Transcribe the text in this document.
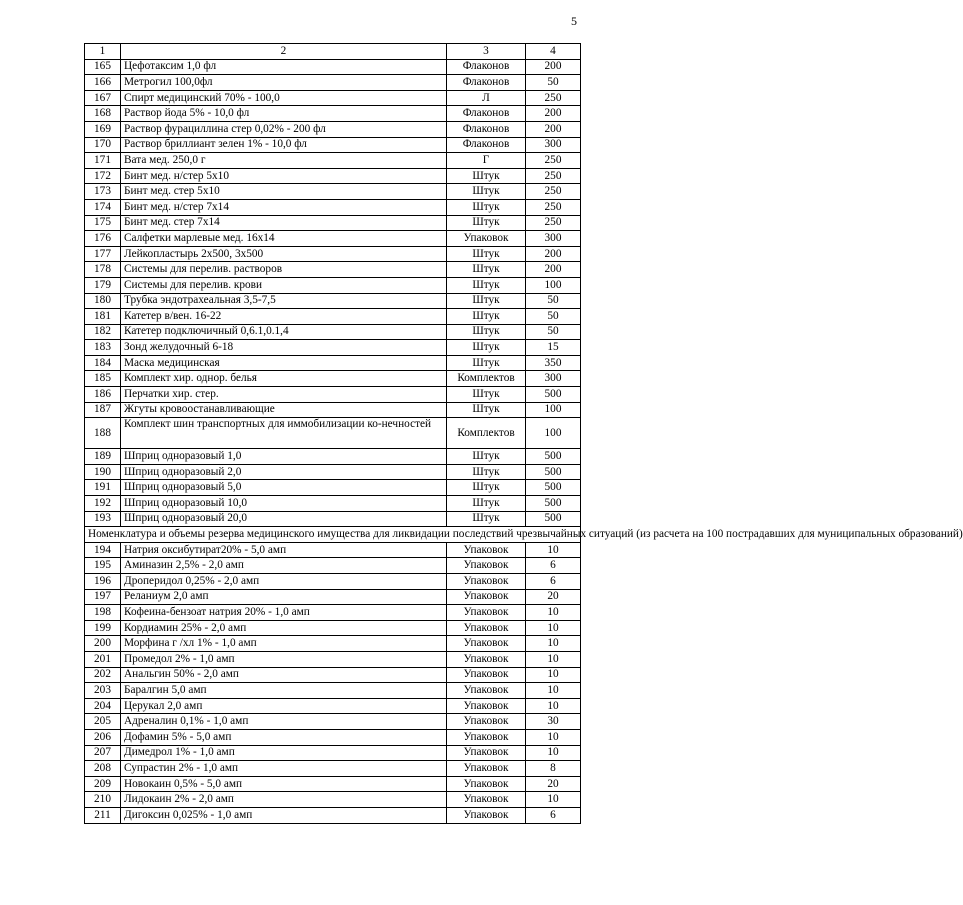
5
1	2	3	4
165	Цефотаксим 1,0 фл	Флаконов	200
166	Метрогил 100,0фл	Флаконов	50
167	Спирт медицинский 70% - 100,0	Л	250
168	Раствор йода 5% - 10,0 фл	Флаконов	200
169	Раствор фурациллина стер 0,02% - 200 фл	Флаконов	200
170	Раствор бриллиант зелен 1% - 10,0 фл	Флаконов	300
171	Вата мед. 250,0 г	Г	250
172	Бинт мед. н/стер 5х10	Штук	250
173	Бинт мед. стер 5х10	Штук	250
174	Бинт мед. н/стер 7х14	Штук	250
175	Бинт мед. стер 7х14	Штук	250
176	Салфетки марлевые мед. 16х14	Упаковок	300
177	Лейкопластырь 2х500, 3х500	Штук	200
178	Системы для перелив. растворов	Штук	200
179	Системы для перелив. крови	Штук	100
180	Трубка эндотрахеальная 3,5-7,5	Штук	50
181	Катетер в/вен. 16-22	Штук	50
182	Катетер подключичный 0,6.1,0.1,4	Штук	50
183	Зонд желудочный 6-18	Штук	15
184	Маска медицинская	Штук	350
185	Комплект хир. однор. белья	Комплектов	300
186	Перчатки хир. стер.	Штук	500
187	Жгуты кровоостанавливающие	Штук	100
188	Комплект шин транспортных для иммобилизации ко-нечностей	Комплектов	100
189	Шприц одноразовый 1,0	Штук	500
190	Шприц одноразовый 2,0	Штук	500
191	Шприц одноразовый 5,0	Штук	500
192	Шприц одноразовый 10,0	Штук	500
193	Шприц одноразовый 20,0	Штук	500
Номенклатура и объемы резерва медицинского имущества для ликвидации последствий чрезвычайных ситуаций (из расчета на 100 пострадавших для муниципальных образований)			
194	Натрия оксибутират20% - 5,0 амп	Упаковок	10
195	Аминазин 2,5% - 2,0 амп	Упаковок	6
196	Дроперидол 0,25% - 2,0 амп	Упаковок	6
197	Реланиум 2,0 амп	Упаковок	20
198	Кофеина-бензоат натрия 20% - 1,0 амп	Упаковок	10
199	Кордиамин 25% - 2,0 амп	Упаковок	10
200	Морфина г /хл 1% - 1,0 амп	Упаковок	10
201	Промедол 2% - 1,0 амп	Упаковок	10
202	Анальгин 50% - 2,0 амп	Упаковок	10
203	Баралгин 5,0 амп	Упаковок	10
204	Церукал 2,0 амп	Упаковок	10
205	Адреналин 0,1% - 1,0 амп	Упаковок	30
206	Дофамин 5% - 5,0 амп	Упаковок	10
207	Димедрол 1% - 1,0 амп	Упаковок	10
208	Супрастин 2% - 1,0 амп	Упаковок	8
209	Новокаин 0,5% - 5,0 амп	Упаковок	20
210	Лидокаин 2% - 2,0 амп	Упаковок	10
211	Дигоксин 0,025% - 1,0 амп	Упаковок	6
